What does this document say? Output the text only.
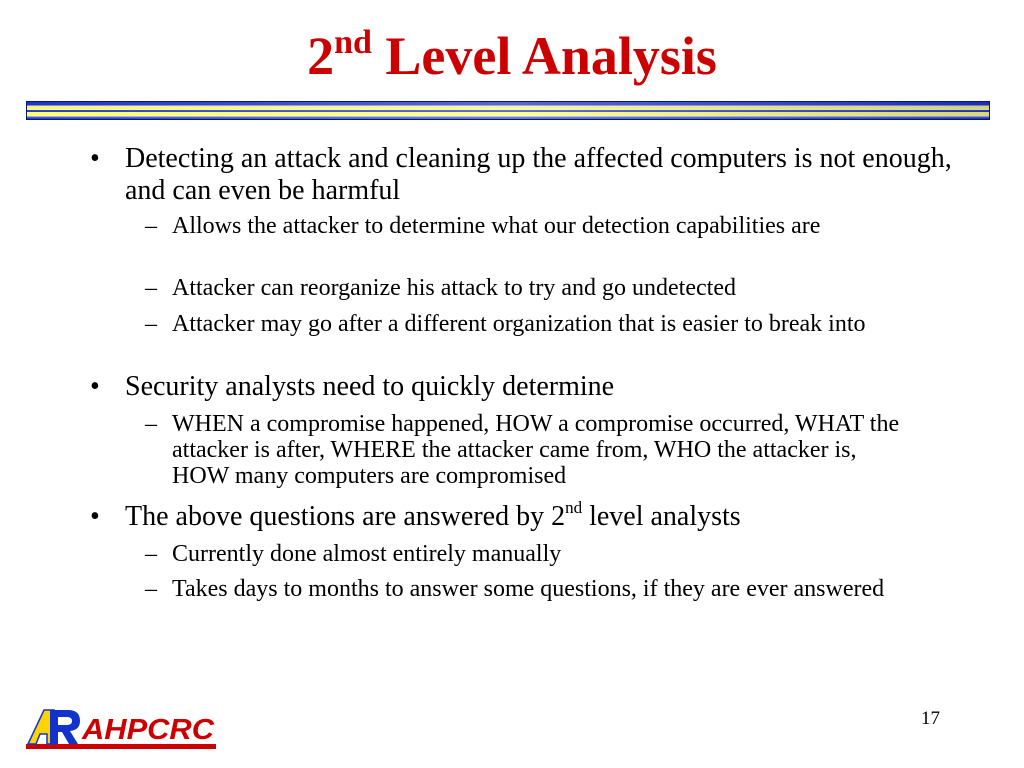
2nd Level Analysis
• Detecting an attack and cleaning up the affected computers is not enough, and can even be harmful
– Allows the attacker to determine what our detection capabilities are
– Attacker can reorganize his attack to try and go undetected
– Attacker may go after a different organization that is easier to break into
• Security analysts need to quickly determine
– WHEN a compromise happened, HOW a compromise occurred, WHAT the attacker is after, WHERE the attacker came from, WHO the attacker is, HOW many computers are compromised
• The above questions are answered by 2nd level analysts
– Currently done almost entirely manually
– Takes days to months to answer some questions, if they are ever answered
AHPCRC	17
